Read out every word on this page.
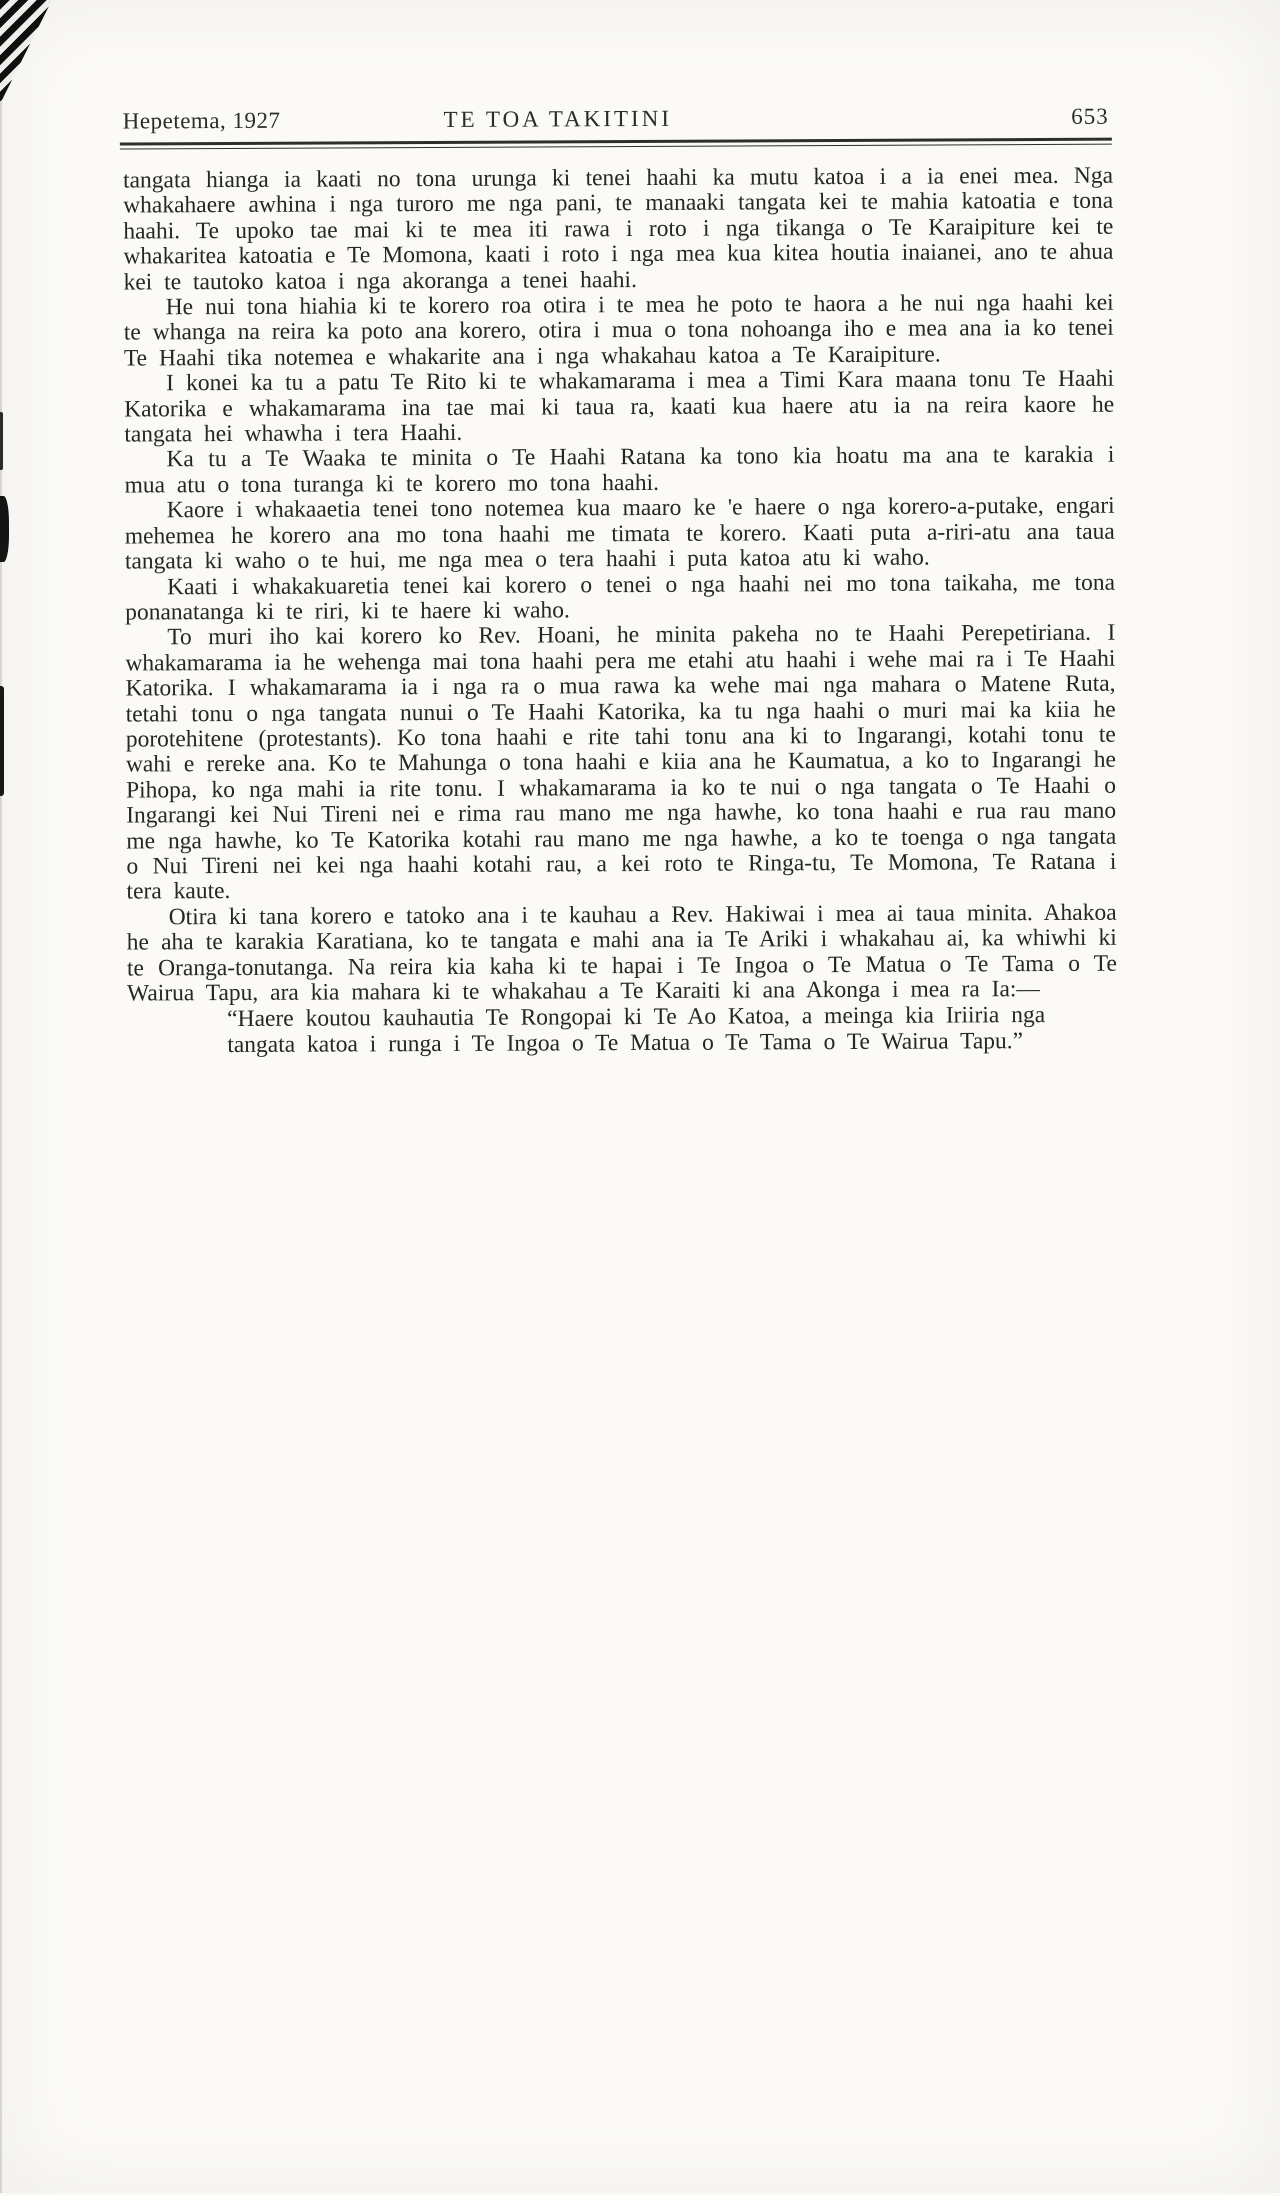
Hepetema, 1927	TE TOA TAKITINI	653

tangata hianga ia kaati no tona urunga ki tenei haahi ka mutu katoa i a ia enei mea. Nga whakahaere awhina i nga turoro me nga pani, te manaaki tangata kei te mahia katoatia e tona haahi. Te upoko tae mai ki te mea iti rawa i roto i nga tikanga o Te Karaipiture kei te whakaritea katoatia e Te Momona, kaati i roto i nga mea kua kitea houtia inaianei, ano te ahua kei te tautoko katoa i nga akoranga a tenei haahi.

He nui tona hiahia ki te korero roa otira i te mea he poto te haora a he nui nga haahi kei te whanga na reira ka poto ana korero, otira i mua o tona nohoanga iho e mea ana ia ko tenei Te Haahi tika notemea e whakarite ana i nga whakahau katoa a Te Karaipiture.

I konei ka tu a patu Te Rito ki te whakamarama i mea a Timi Kara maana tonu Te Haahi Katorika e whakamarama ina tae mai ki taua ra, kaati kua haere atu ia na reira kaore he tangata hei whawha i tera Haahi.

Ka tu a Te Waaka te minita o Te Haahi Ratana ka tono kia hoatu ma ana te karakia i mua atu o tona turanga ki te korero mo tona haahi.

Kaore i whakaaetia tenei tono notemea kua maaro ke 'e haere o nga korero-a-putake, engari mehemea he korero ana mo tona haahi me timata te korero. Kaati puta a-riri-atu ana taua tangata ki waho o te hui, me nga mea o tera haahi i puta katoa atu ki waho.

Kaati i whakakuaretia tenei kai korero o tenei o nga haahi nei mo tona taikaha, me tona ponanatanga ki te riri, ki te haere ki waho.

To muri iho kai korero ko Rev. Hoani, he minita pakeha no te Haahi Perepetiriana. I whakamarama ia he wehenga mai tona haahi pera me etahi atu haahi i wehe mai ra i Te Haahi Katorika. I whakamarama ia i nga ra o mua rawa ka wehe mai nga mahara o Matene Ruta, tetahi tonu o nga tangata nunui o Te Haahi Katorika, ka tu nga haahi o muri mai ka kiia he porotehitene (protestants). Ko tona haahi e rite tahi tonu ana ki to Ingarangi, kotahi tonu te wahi e rereke ana. Ko te Mahunga o tona haahi e kiia ana he Kaumatua, a ko to Ingarangi he Pihopa, ko nga mahi ia rite tonu. I whakamarama ia ko te nui o nga tangata o Te Haahi o Ingarangi kei Nui Tireni nei e rima rau mano me nga hawhe, ko tona haahi e rua rau mano me nga hawhe, ko Te Katorika kotahi rau mano me nga hawhe, a ko te toenga o nga tangata o Nui Tireni nei kei nga haahi kotahi rau, a kei roto te Ringa-tu, Te Momona, Te Ratana i tera kaute.

Otira ki tana korero e tatoko ana i te kauhau a Rev. Hakiwai i mea ai taua minita. Ahakoa he aha te karakia Karatiana, ko te tangata e mahi ana ia Te Ariki i whakahau ai, ka whiwhi ki te Oranga-tonutanga. Na reira kia kaha ki te hapai i Te Ingoa o Te Matua o Te Tama o Te Wairua Tapu, ara kia mahara ki te whakahau a Te Karaiti ki ana Akonga i mea ra Ia:—

“Haere koutou kauhautia Te Rongopai ki Te Ao Katoa, a meinga kia Iriiria nga tangata katoa i runga i Te Ingoa o Te Matua o Te Tama o Te Wairua Tapu.”
